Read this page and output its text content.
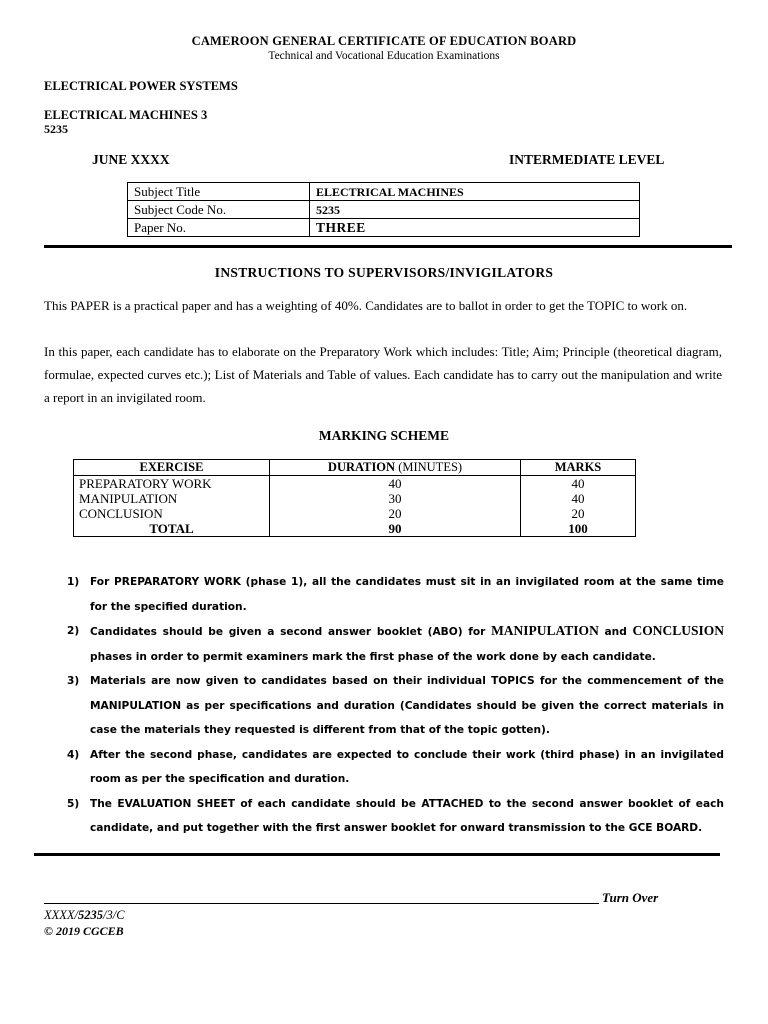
CAMEROON GENERAL CERTIFICATE OF EDUCATION BOARD
Technical and Vocational Education Examinations
ELECTRICAL POWER SYSTEMS
ELECTRICAL MACHINES 3
5235
JUNE XXXX	INTERMEDIATE LEVEL
Subject Title	ELECTRICAL MACHINES
Subject Code No.	5235
Paper No.	THREE
INSTRUCTIONS TO SUPERVISORS/INVIGILATORS
This PAPER is a practical paper and has a weighting of 40%. Candidates are to ballot in order to get the TOPIC to work on.
In this paper, each candidate has to elaborate on the Preparatory Work which includes: Title; Aim; Principle (theoretical diagram, formulae, expected curves etc.); List of Materials and Table of values. Each candidate has to carry out the manipulation and write a report in an invigilated room.
MARKING SCHEME
EXERCISE	DURATION (MINUTES)	MARKS
PREPARATORY WORK	40	40
MANIPULATION	30	40
CONCLUSION	20	20
TOTAL	90	100
1) For PREPARATORY WORK (phase 1), all the candidates must sit in an invigilated room at the same time for the specified duration.
2) Candidates should be given a second answer booklet (ABO) for MANIPULATION and CONCLUSION phases in order to permit examiners mark the first phase of the work done by each candidate.
3) Materials are now given to candidates based on their individual TOPICS for the commencement of the MANIPULATION as per specifications and duration (Candidates should be given the correct materials in case the materials they requested is different from that of the topic gotten).
4) After the second phase, candidates are expected to conclude their work (third phase) in an invigilated room as per the specification and duration.
5) The EVALUATION SHEET of each candidate should be ATTACHED to the second answer booklet of each candidate, and put together with the first answer booklet for onward transmission to the GCE BOARD.
Turn Over
XXXX/5235/3/C
© 2019 CGCEB
